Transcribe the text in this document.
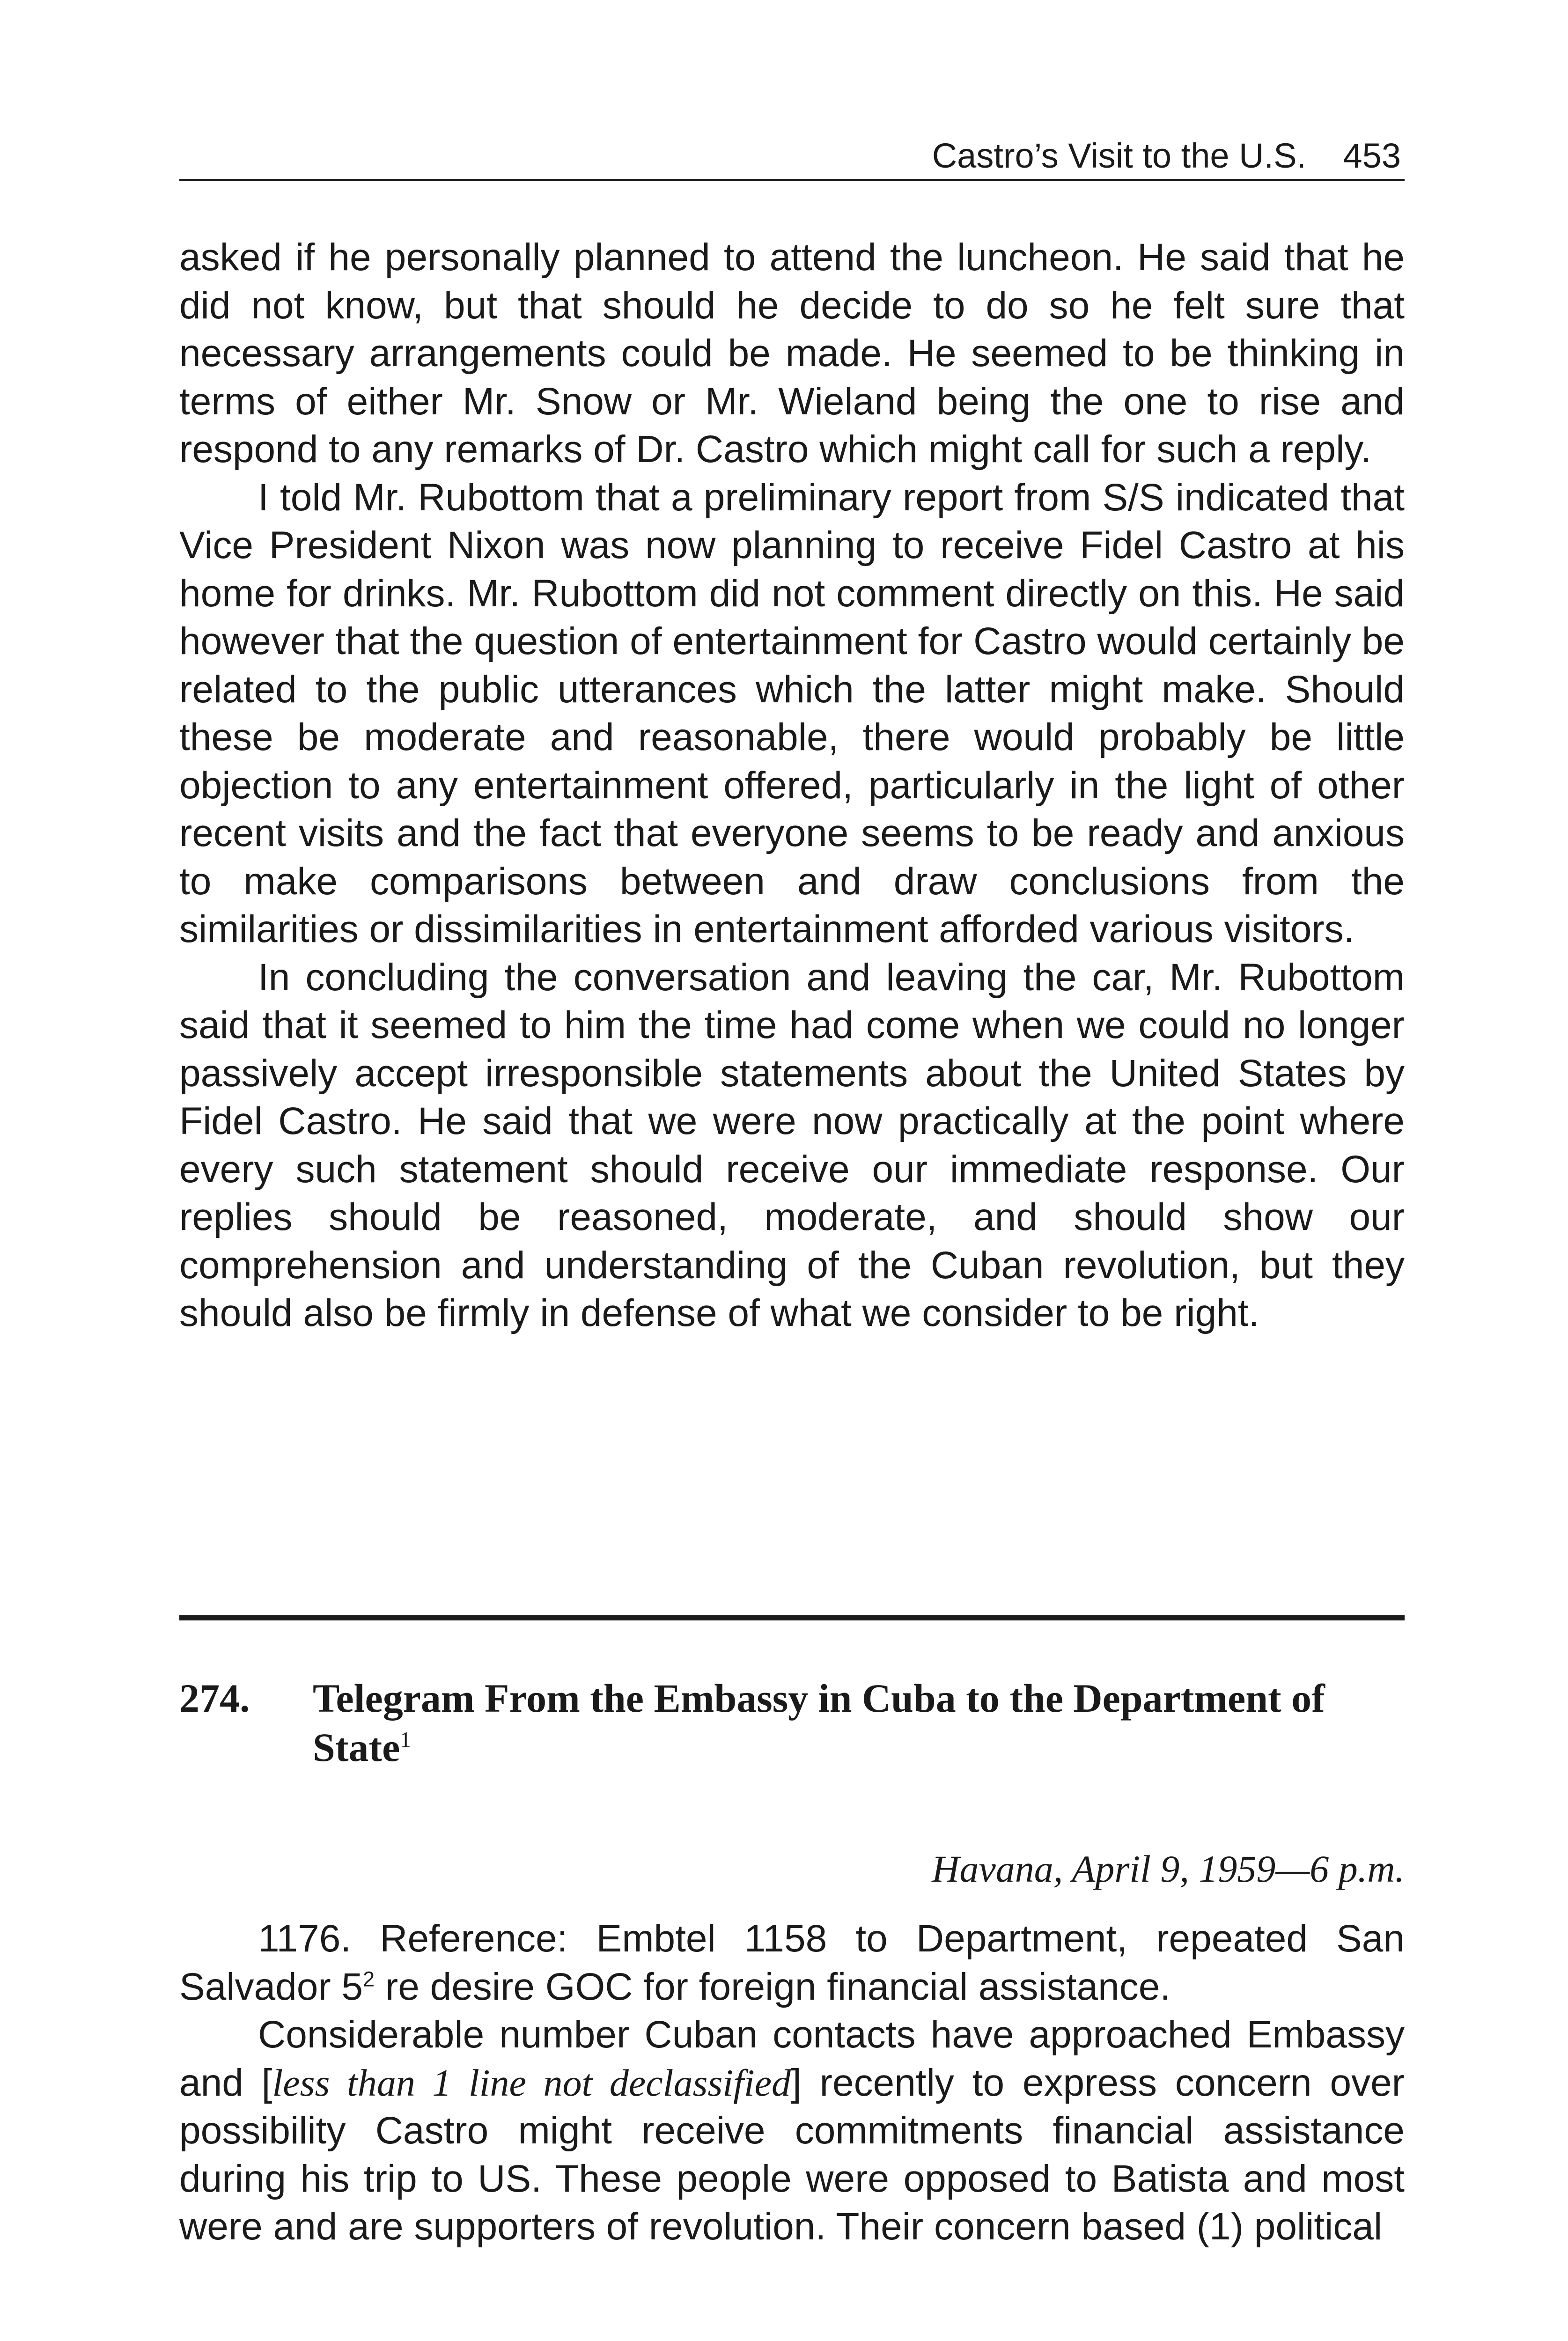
Castro’s Visit to the U.S. 453

asked if he personally planned to attend the luncheon. He said that he did not know, but that should he decide to do so he felt sure that necessary arrangements could be made. He seemed to be thinking in terms of either Mr. Snow or Mr. Wieland being the one to rise and respond to any remarks of Dr. Castro which might call for such a reply.

I told Mr. Rubottom that a preliminary report from S/S indicated that Vice President Nixon was now planning to receive Fidel Castro at his home for drinks. Mr. Rubottom did not comment directly on this. He said however that the question of entertainment for Castro would certainly be related to the public utterances which the latter might make. Should these be moderate and reasonable, there would probably be little objection to any entertainment offered, particularly in the light of other recent visits and the fact that everyone seems to be ready and anxious to make comparisons between and draw conclusions from the similarities or dissimilarities in entertainment afforded various visitors.

In concluding the conversation and leaving the car, Mr. Rubottom said that it seemed to him the time had come when we could no longer passively accept irresponsible statements about the United States by Fidel Castro. He said that we were now practically at the point where every such statement should receive our immediate response. Our replies should be reasoned, moderate, and should show our comprehension and understanding of the Cuban revolution, but they should also be firmly in defense of what we consider to be right.

274. Telegram From the Embassy in Cuba to the Department of State$^1$
Havana, April 9, 1959—6 p.m.

1176. Reference: Embtel 1158 to Department, repeated San Salvador $5^2$ re desire GOC for foreign financial assistance.

Considerable number Cuban contacts have approached Embassy and [less than 1 line not declassified] recently to express concern over possibility Castro might receive commitments financial assistance during his trip to US. These people were opposed to Batista and most were and are supporters of revolution. Their concern based (1) political
